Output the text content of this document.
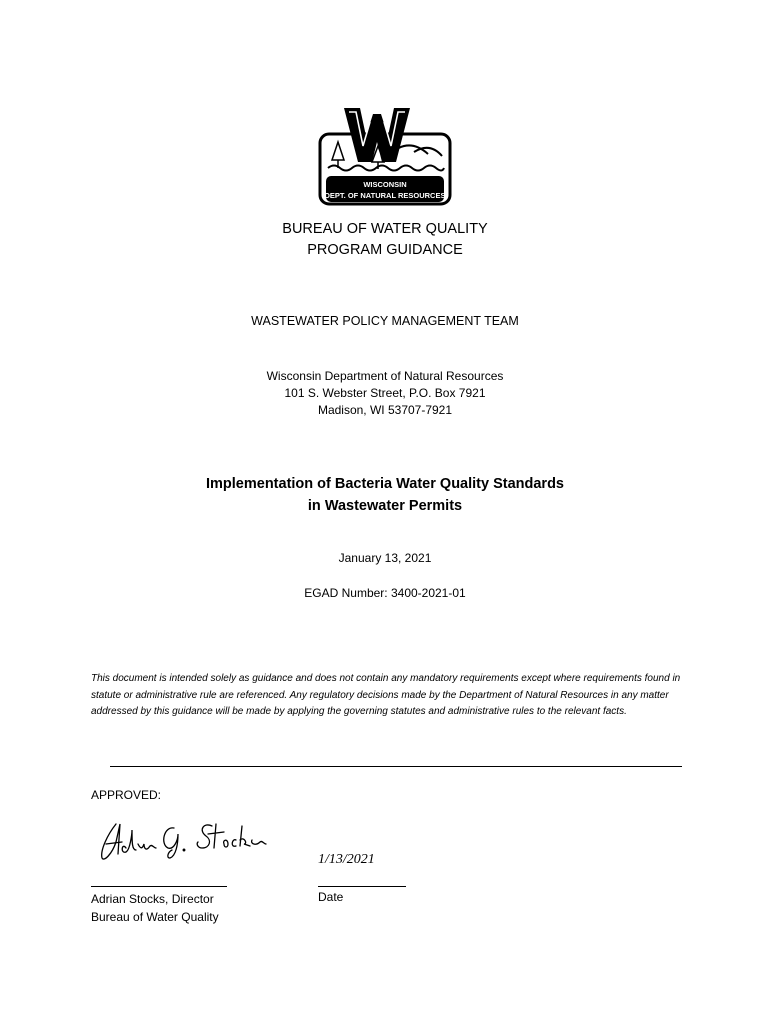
WISCONSIN
DEPT. OF NATURAL RESOURCES
BUREAU OF WATER QUALITY
PROGRAM GUIDANCE
WASTEWATER POLICY MANAGEMENT TEAM
Wisconsin Department of Natural Resources
101 S. Webster Street, P.O. Box 7921
Madison, WI 53707-7921
Implementation of Bacteria Water Quality Standards
in Wastewater Permits
January 13, 2021
EGAD Number: 3400-2021-01
This document is intended solely as guidance and does not contain any mandatory requirements except where requirements found in statute or administrative rule are referenced. Any regulatory decisions made by the Department of Natural Resources in any matter addressed by this guidance will be made by applying the governing statutes and administrative rules to the relevant facts.
APPROVED:
1/13/2021
Adrian Stocks, Director
Bureau of Water Quality
Date
